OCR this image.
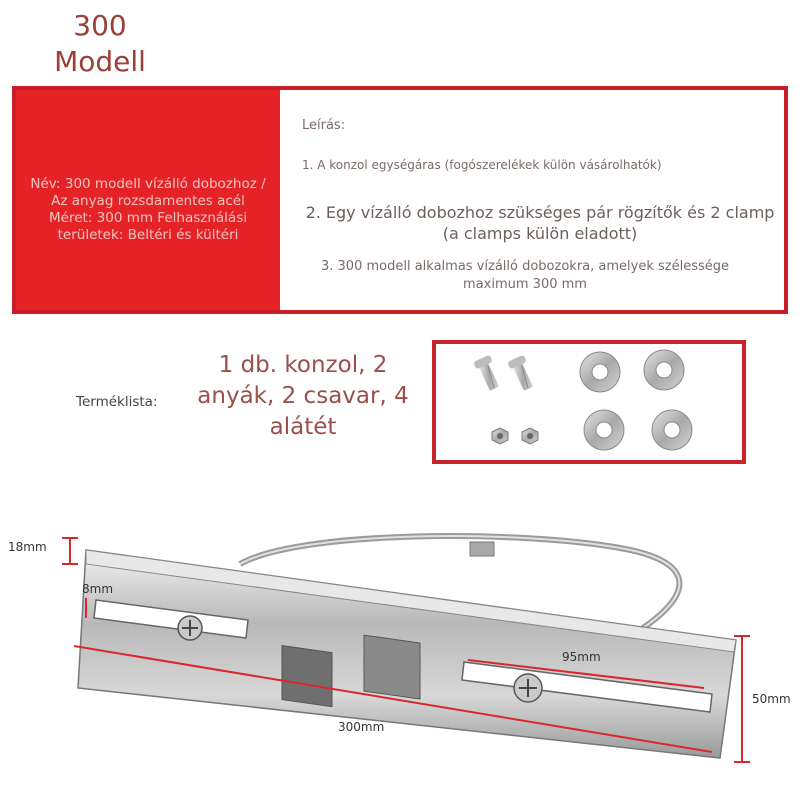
300
Modell
Név: 300 modell vízálló dobozhoz / Az anyag rozsdamentes acél Méret: 300 mm Felhasználási területek: Beltéri és kültéri
Leírás:
1. A konzol egységáras (fogószerelékek külön vásárolhatók)
2. Egy vízálló dobozhoz szükséges pár rögzítők és 2 clamp (a clamps külön eladott)
3. 300 modell alkalmas vízálló dobozokra, amelyek szélessége maximum 300 mm
Terméklista:
1 db. konzol, 2 anyák, 2 csavar, 4 alátét
18mm
8mm
95mm
50mm
300mm
